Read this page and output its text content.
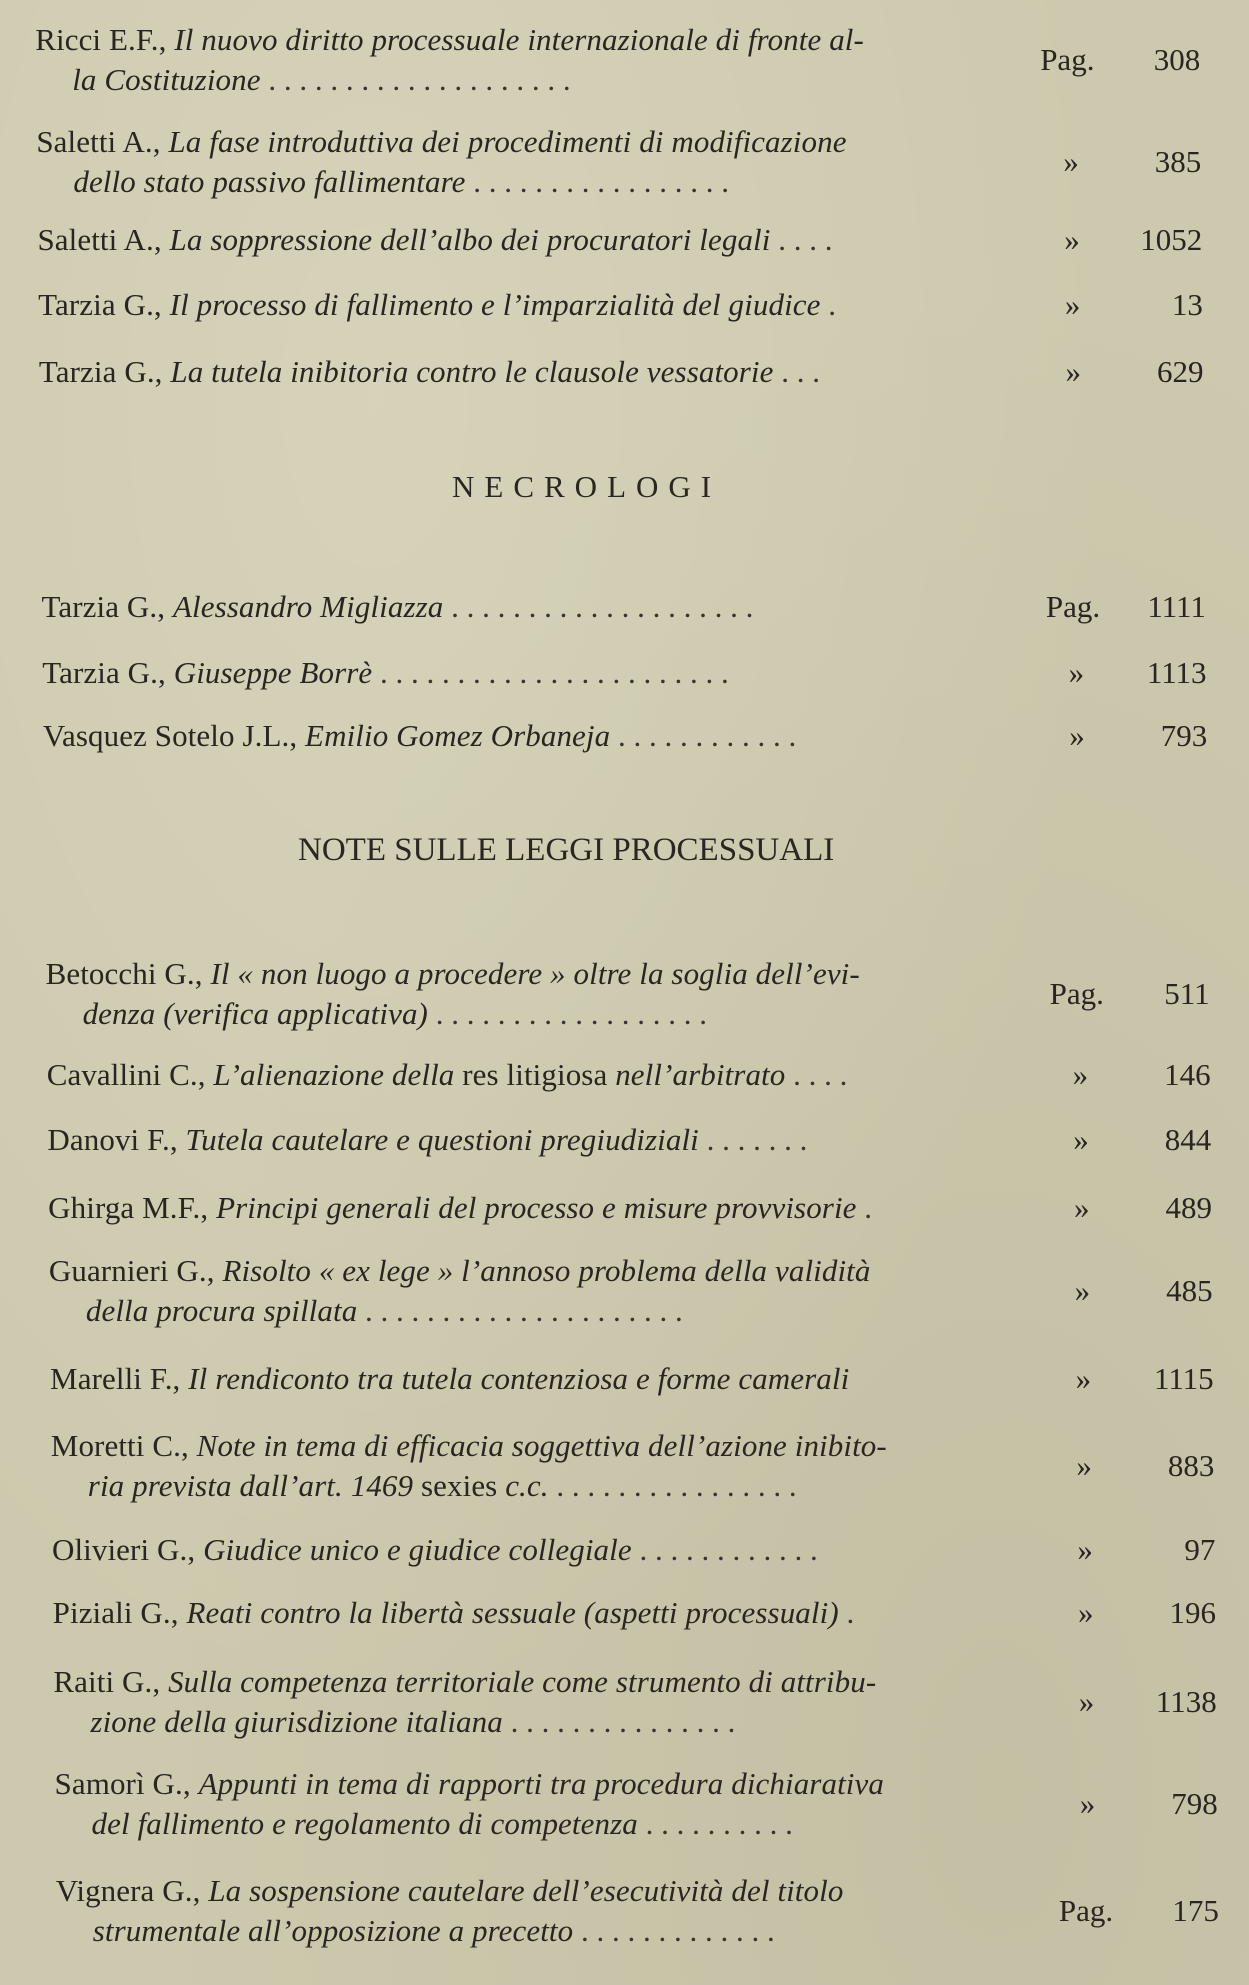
Ricci E.F., Il nuovo diritto processuale internazionale di fronte al-
la Costituzione . . . . . . . . . . . . . . . . . . . .
Pag. 308
Saletti A., La fase introduttiva dei procedimenti di modificazione
dello stato passivo fallimentare . . . . . . . . . . . . . . . . .
» 385
Saletti A., La soppressione dell’albo dei procuratori legali . . . .	» 1052
Tarzia G., Il processo di fallimento e l’imparzialità del giudice .	»	13
Tarzia G., La tutela inibitoria contro le clausole vessatorie . . .	» 629
NECROLOGI
Tarzia G., Alessandro Migliazza . . . . . . . . . . . . . . . . . . . .	Pag. 1111
Tarzia G., Giuseppe Borrè . . . . . . . . . . . . . . . . . . . . . . .	» 1113
Vasquez Sotelo J.L., Emilio Gomez Orbaneja . . . . . . . . . . . .	» 793
NOTE SULLE LEGGI PROCESSUALI
Betocchi G., Il « non luogo a procedere » oltre la soglia dell’evi-
denza (verifica applicativa) . . . . . . . . . . . . . . . . . .
Pag. 511
Cavallini C., L’alienazione della res litigiosa nell’arbitrato . . . .	» 146
Danovi F., Tutela cautelare e questioni pregiudiziali . . . . . . .	» 844
Ghirga M.F., Principi generali del processo e misure provvisorie .	» 489
Guarnieri G., Risolto « ex lege » l’annoso problema della validità
della procura spillata . . . . . . . . . . . . . . . . . . . . .
» 485
Marelli F., Il rendiconto tra tutela contenziosa e forme camerali	» 1115
Moretti C., Note in tema di efficacia soggettiva dell’azione inibito-
ria prevista dall’art. 1469 sexies c.c. . . . . . . . . . . . . . . . .
» 883
Olivieri G., Giudice unico e giudice collegiale . . . . . . . . . . . .	»	97
Piziali G., Reati contro la libertà sessuale (aspetti processuali) .	» 196
Raiti G., Sulla competenza territoriale come strumento di attribu-
zione della giurisdizione italiana . . . . . . . . . . . . . . .
» 1138
Samorì G., Appunti in tema di rapporti tra procedura dichiarativa
del fallimento e regolamento di competenza . . . . . . . . . .
» 798
Vignera G., La sospensione cautelare dell’esecutività del titolo
strumentale all’opposizione a precetto . . . . . . . . . . . . .
Pag. 175
